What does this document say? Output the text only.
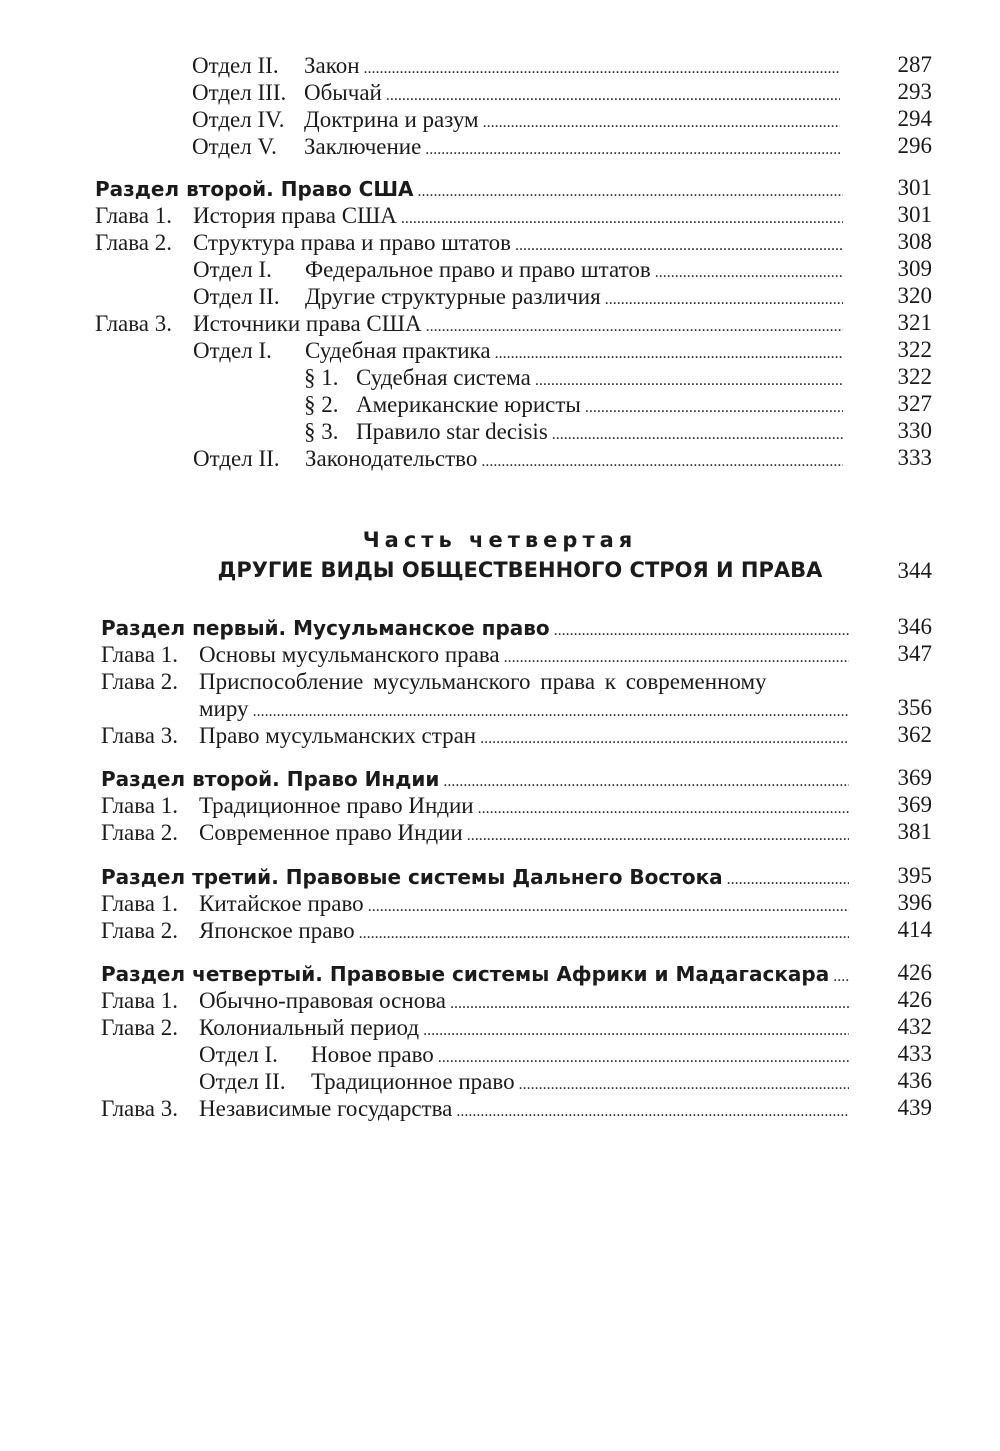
Отдел II.	Закон . . .	287
Отдел III. Обычай . . .	293
Отдел IV. Доктрина и разум . . .	294
Отдел V.	Заключение . . .	296
Раздел второй. Право США . . .	301
Глава 1. История права США . . .	301
Глава 2. Структура права и право штатов . . .	308
Отдел I.	Федеральное право и право штатов . . .	309
Отдел II.	Другие структурные различия . . .	320
Глава 3. Источники права США . . .	321
Отдел I.	Судебная практика . . .	322
§ 1. Судебная система . . .	322
§ 2. Американские юристы . . .	327
§ 3. Правило star decisis . . .	330
Отдел II.	Законодательство . . .	333
Часть четвертая
ДРУГИЕ ВИДЫ ОБЩЕСТВЕННОГО СТРОЯ И ПРАВА	344
Раздел первый. Мусульманское право . . .	346
Глава 1. Основы мусульманского права . . .	347
Глава 2. Приспособление мусульманского права к современному
миру . . .	356
Глава 3. Право мусульманских стран . . .	362
Раздел второй. Право Индии . . .	369
Глава 1. Традиционное право Индии . . .	369
Глава 2. Современное право Индии . . .	381
Раздел третий. Правовые системы Дальнего Востока . . .	395
Глава 1. Китайское право . . .	396
Глава 2. Японское право . . .	414
Раздел четвертый. Правовые системы Африки и Мадагаскара . . .	426
Глава 1. Обычно-правовая основа . . .	426
Глава 2. Колониальный период . . .	432
Отдел I.	Новое право . . .	433
Отдел II.	Традиционное право . . .	436
Глава 3. Независимые государства . . .	439
